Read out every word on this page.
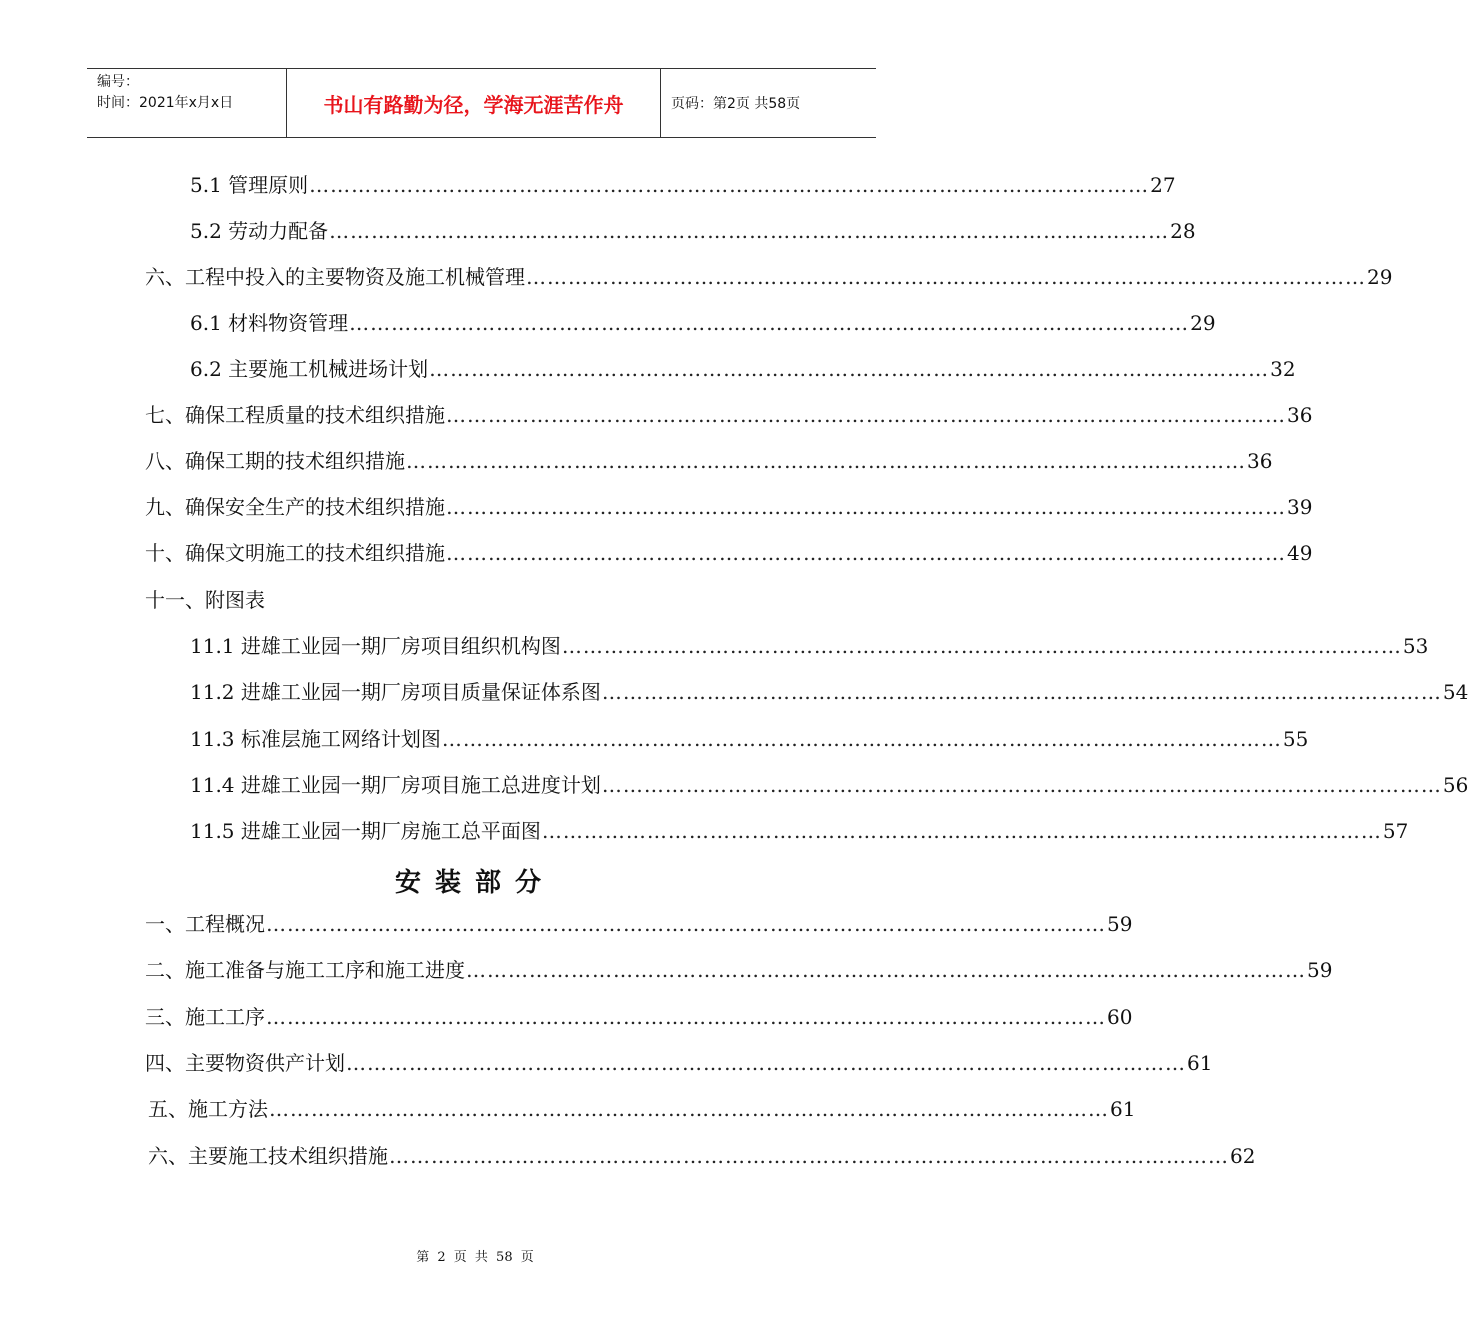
编号：
时间：2021年x月x日	书山有路勤为径，学海无涯苦作舟	页码：第2页 共58页
5.1 管理原则 ………………………………………………………………………………………………………… 27
5.2 劳动力配备 ………………………………………………………………………………………………………… 28
六、工程中投入的主要物资及施工机械管理 ………………………………………………………………………………………………………… 29
6.1 材料物资管理 ………………………………………………………………………………………………………… 29
6.2 主要施工机械进场计划 ………………………………………………………………………………………………………… 32
七、确保工程质量的技术组织措施 ………………………………………………………………………………………………………… 36
八、确保工期的技术组织措施 ………………………………………………………………………………………………………… 36
九、确保安全生产的技术组织措施 ………………………………………………………………………………………………………… 39
十、确保文明施工的技术组织措施 ………………………………………………………………………………………………………… 49
十一、附图表
11.1 进雄工业园一期厂房项目组织机构图 ………………………………………………………………………………………………………… 53
11.2 进雄工业园一期厂房项目质量保证体系图 ………………………………………………………………………………………………………… 54
11.3 标准层施工网络计划图 ………………………………………………………………………………………………………… 55
11.4 进雄工业园一期厂房项目施工总进度计划 ………………………………………………………………………………………………………… 56
11.5 进雄工业园一期厂房施工总平面图 ………………………………………………………………………………………………………… 57
安装部分
一、工程概况 ………………………………………………………………………………………………………… 59
二、施工准备与施工工序和施工进度 ………………………………………………………………………………………………………… 59
三、施工工序 ………………………………………………………………………………………………………… 60
四、主要物资供产计划 ………………………………………………………………………………………………………… 61
五、施工方法 ………………………………………………………………………………………………………… 61
六、主要施工技术组织措施 ………………………………………………………………………………………………………… 62
第 2 页 共 58 页
